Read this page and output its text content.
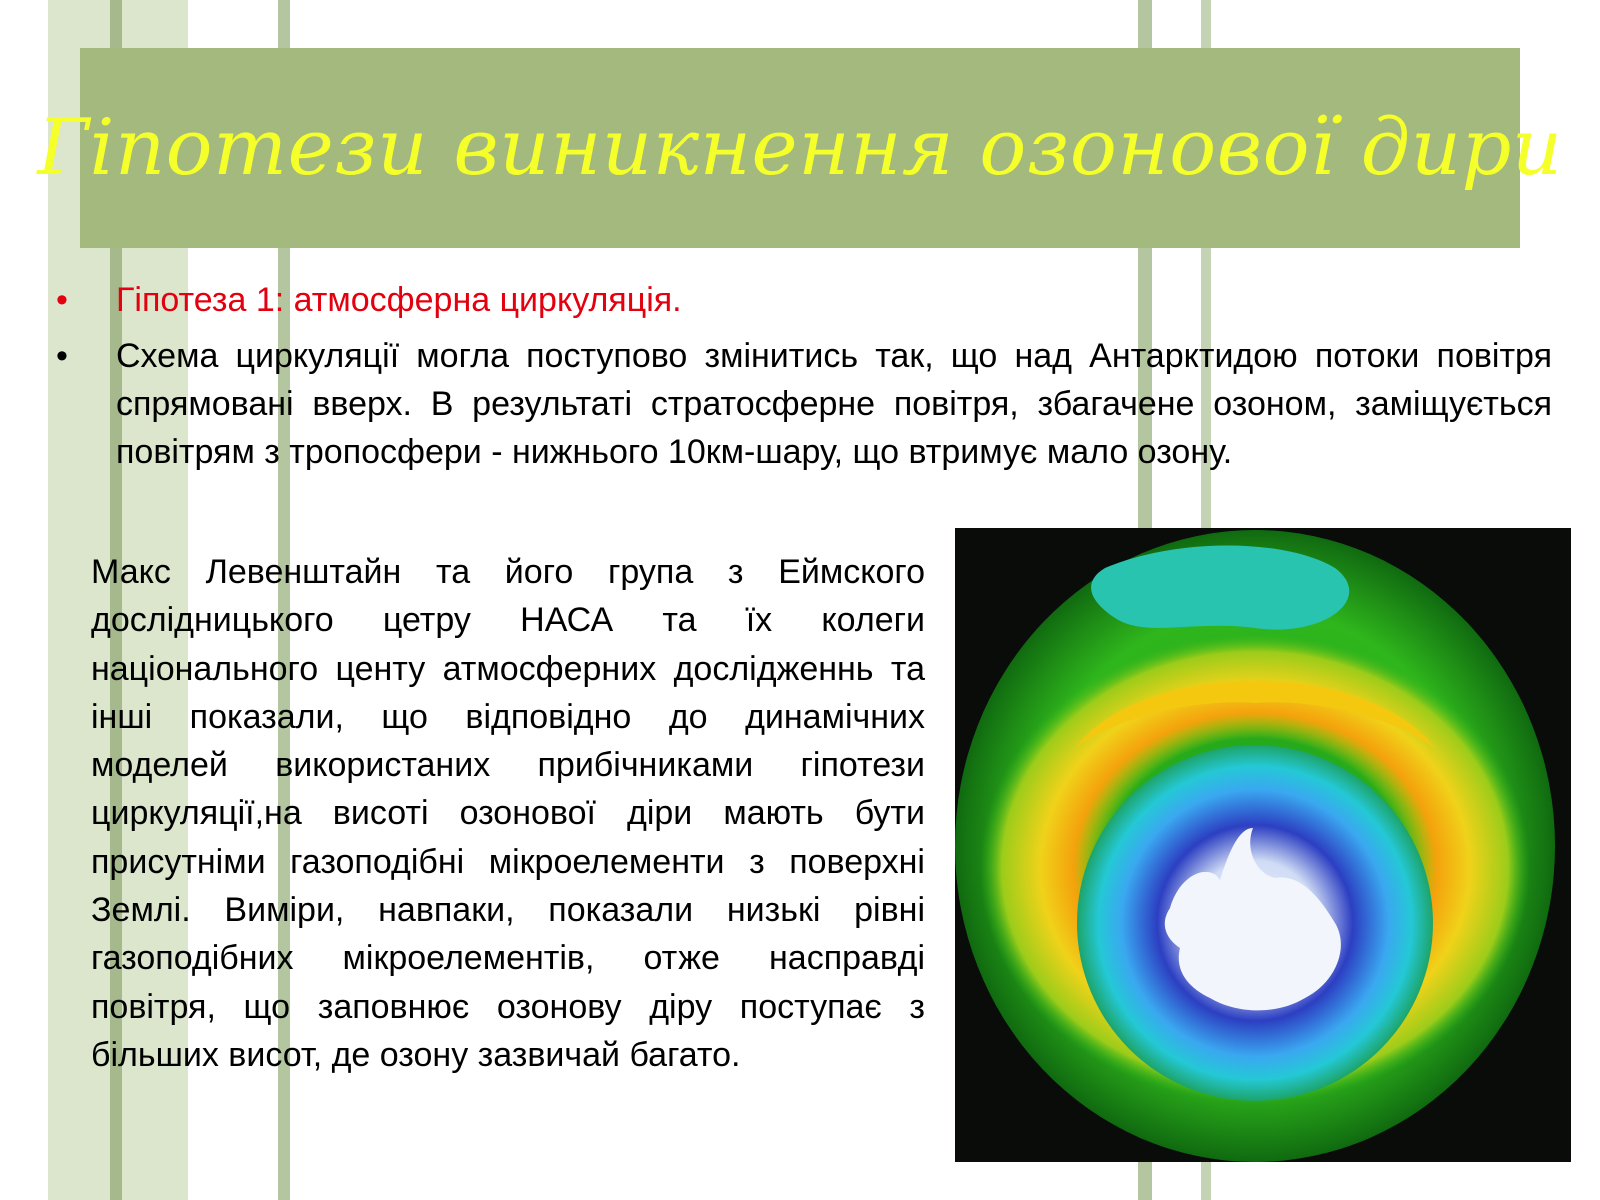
Гіпотези виникнення озонової дири
•	Гіпотеза 1: атмосферна циркуляція.
•	Схема циркуляції могла поступово змінитись так, що над Антарктидою потоки повітря спрямовані вверх. В результаті стратосферне повітря, збагачене озоном, заміщується повітрям з тропосфери - нижнього 10км-шару, що втримує мало озону.

Макс Левенштайн та його група з Еймского дослідницького цетру НАСА та їх колеги національного центу атмосферних дослідженнь та інші показали, що відповідно до динамічних моделей використаних прибічниками гіпотези циркуляції,на висоті озонової діри мають бути присутніми газоподібні мікроелементи з поверхні Землі. Виміри, навпаки, показали низькі рівні газоподібних мікроелементів, отже насправді повітря, що заповнює озонову діру поступає з більших висот, де озону зазвичай багато.
